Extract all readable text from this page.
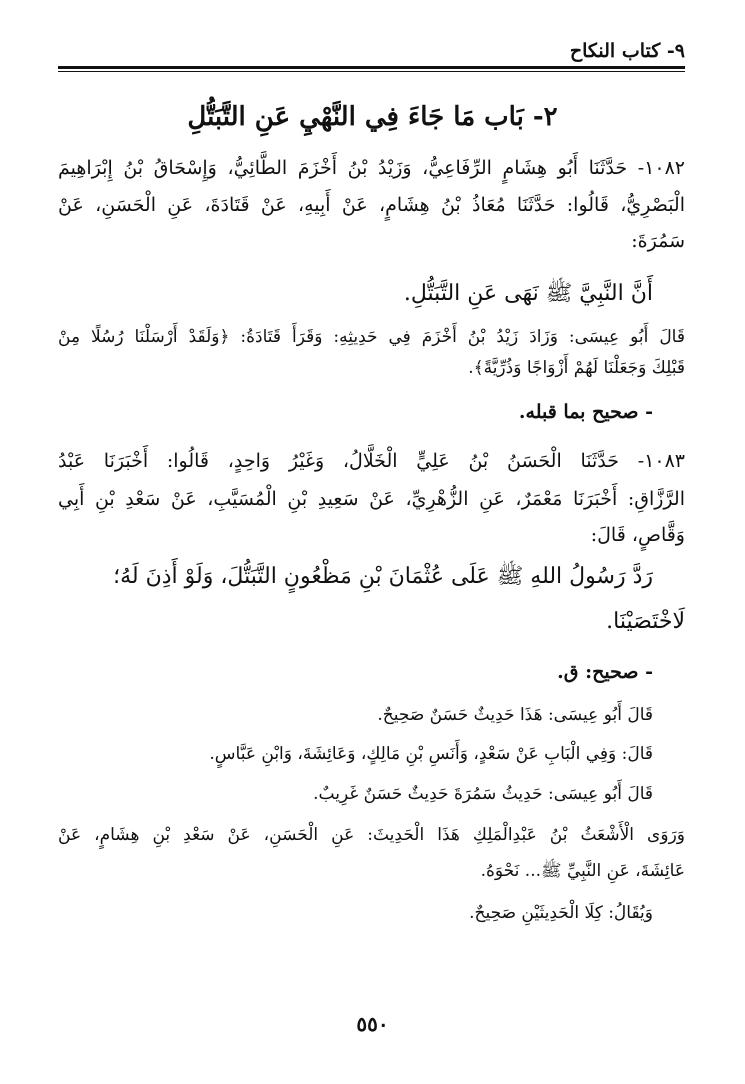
٩- كتاب النكاح
٢- بَاب مَا جَاءَ فِي النَّهْيِ عَنِ التَّبَتُّلِ
١٠٨٢- حَدَّثَنَا أَبُو هِشَامٍ الرِّفَاعِيُّ، وَزَيْدُ بْنُ أَخْزَمَ الطَّائِيُّ، وَإِسْحَاقُ بْنُ إِبْرَاهِيمَ
الْبَصْرِيُّ، قَالُوا: حَدَّثَنَا مُعَاذُ بْنُ هِشَامٍ، عَنْ أَبِيهِ، عَنْ قَتَادَةَ، عَنِ الْحَسَنِ، عَنْ
سَمُرَةَ:
أَنَّ النَّبِيَّ ﷺ نَهَى عَنِ التَّبَتُّلِ.
قَالَ أَبُو عِيسَى: وَزَادَ زَيْدُ بْنُ أَخْزَمَ فِي حَدِيثِهِ: وَقَرَأَ قَتَادَةُ: ﴿وَلَقَدْ أَرْسَلْنَا رُسُلًا مِنْ
قَبْلِكَ وَجَعَلْنَا لَهُمْ أَزْوَاجًا وَذُرِّيَّةً﴾.
- صحيح بما قبله.
١٠٨٣- حَدَّثَنَا الْحَسَنُ بْنُ عَلِيٍّ الْخَلَّالُ، وَغَيْرُ وَاحِدٍ، قَالُوا: أَخْبَرَنَا عَبْدُ
الرَّزَّاقِ: أَخْبَرَنَا مَعْمَرٌ، عَنِ الزُّهْرِيِّ، عَنْ سَعِيدِ بْنِ الْمُسَيَّبِ، عَنْ سَعْدِ بْنِ أَبِي
وَقَّاصٍ، قَالَ:
رَدَّ رَسُولُ اللهِ ﷺ عَلَى عُثْمَانَ بْنِ مَظْعُونٍ التَّبَتُّلَ، وَلَوْ أَذِنَ لَهُ؛
لَاخْتَصَيْنَا.
- صحيح: ق.
قَالَ أَبُو عِيسَى: هَذَا حَدِيثٌ حَسَنٌ صَحِيحٌ.
قَالَ: وَفِي الْبَابِ عَنْ سَعْدٍ، وَأَنَسِ بْنِ مَالِكٍ، وَعَائِشَةَ، وَابْنِ عَبَّاسٍ.
قَالَ أَبُو عِيسَى: حَدِيثُ سَمُرَةَ حَدِيثٌ حَسَنٌ غَرِيبٌ.
وَرَوَى الْأَشْعَثُ بْنُ عَبْدِالْمَلِكِ هَذَا الْحَدِيثَ: عَنِ الْحَسَنِ، عَنْ سَعْدِ بْنِ هِشَامٍ، عَنْ
عَائِشَةَ، عَنِ النَّبِيِّ ﷺ... نَحْوَهُ.
وَيُقَالُ: كِلَا الْحَدِيثَيْنِ صَحِيحٌ.
٥٥٠
